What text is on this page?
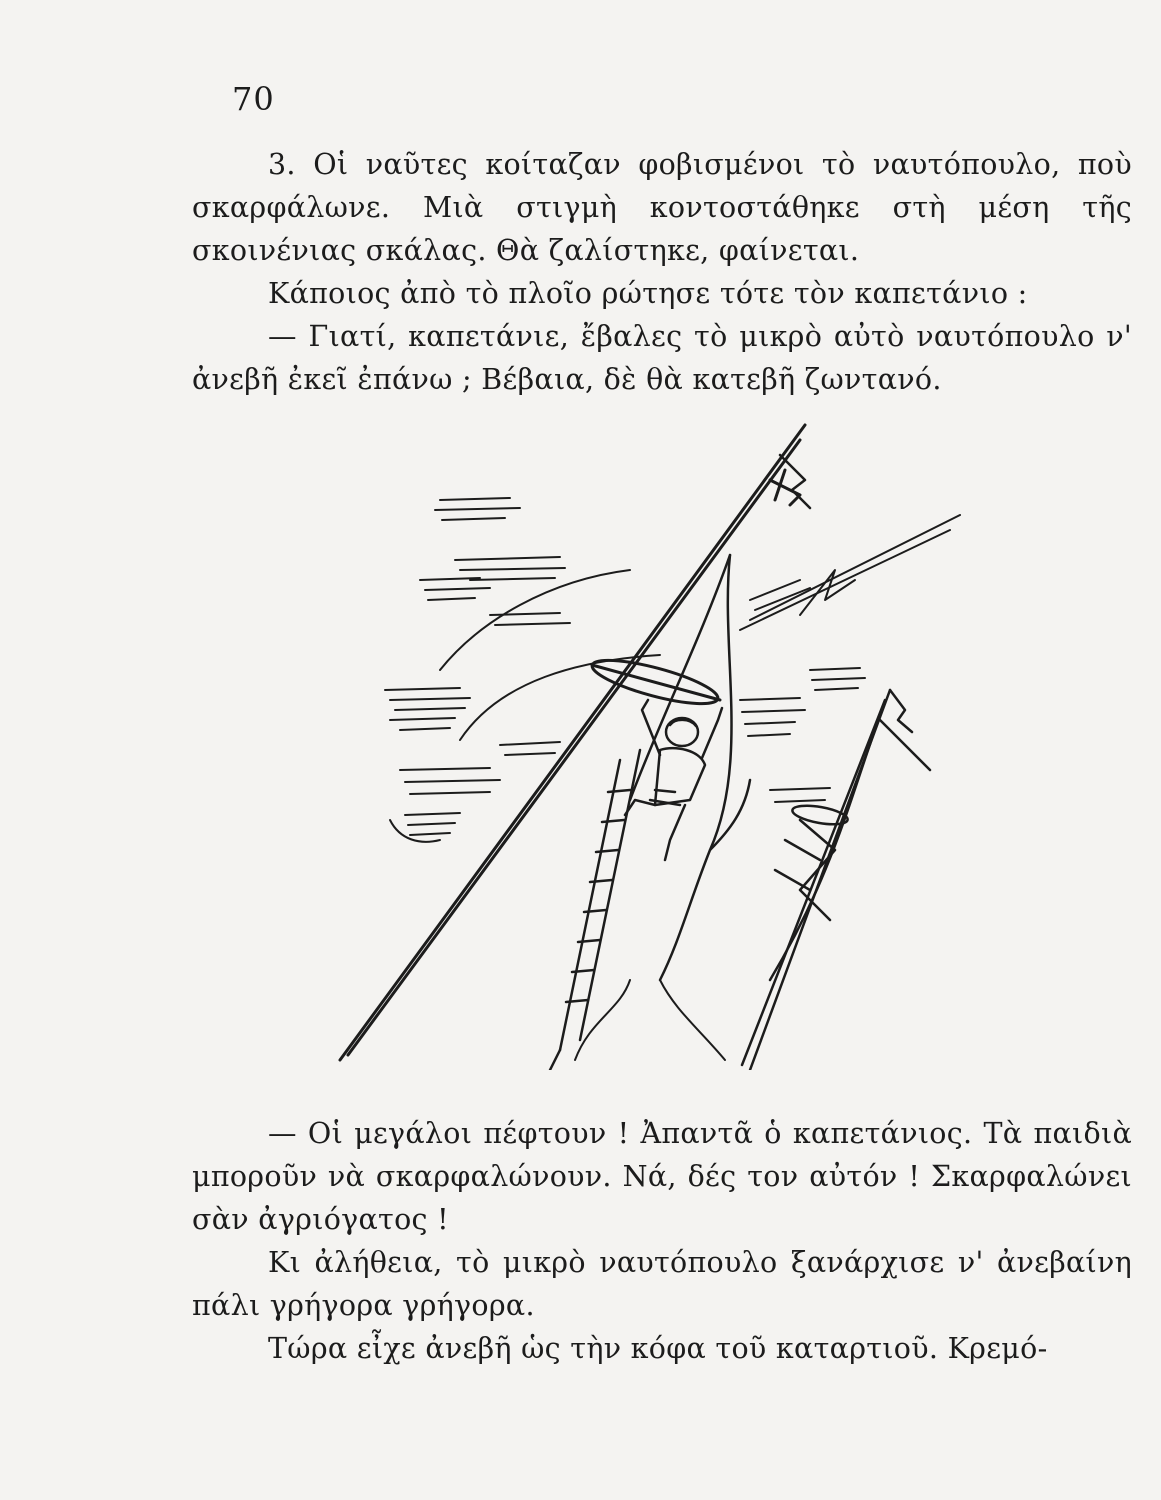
70

3. Οἱ ναῦτες κοίταζαν φοβισμένοι τὸ ναυτόπουλο, ποὺ σκαρφάλωνε. Μιὰ στιγμὴ κοντοστάθηκε στὴ μέση τῆς σκοινένιας σκάλας. Θὰ ζαλίστηκε, φαίνεται.

Κάποιος ἀπὸ τὸ πλοῖο ρώτησε τότε τὸν καπετάνιο :

— Γιατί, καπετάνιε, ἔβαλες τὸ μικρὸ αὐτὸ ναυτόπουλο ν' ἀνεβῆ ἐκεῖ ἐπάνω ; Βέβαια, δὲ θὰ κατεβῆ ζωντανό.

— Οἱ μεγάλοι πέφτουν ! Ἀπαντᾶ ὁ καπετάνιος. Τὰ παιδιὰ μποροῦν νὰ σκαρφαλώνουν. Νά, δές τον αὐτόν ! Σκαρφαλώνει σὰν ἀγριόγατος !

Κι ἀλήθεια, τὸ μικρὸ ναυτόπουλο ξανάρχισε ν' ἀνεβαίνη πάλι γρήγορα γρήγορα.

Τώρα εἶχε ἀνεβῆ ὡς τὴν κόφα τοῦ καταρτιοῦ. Κρεμό-
